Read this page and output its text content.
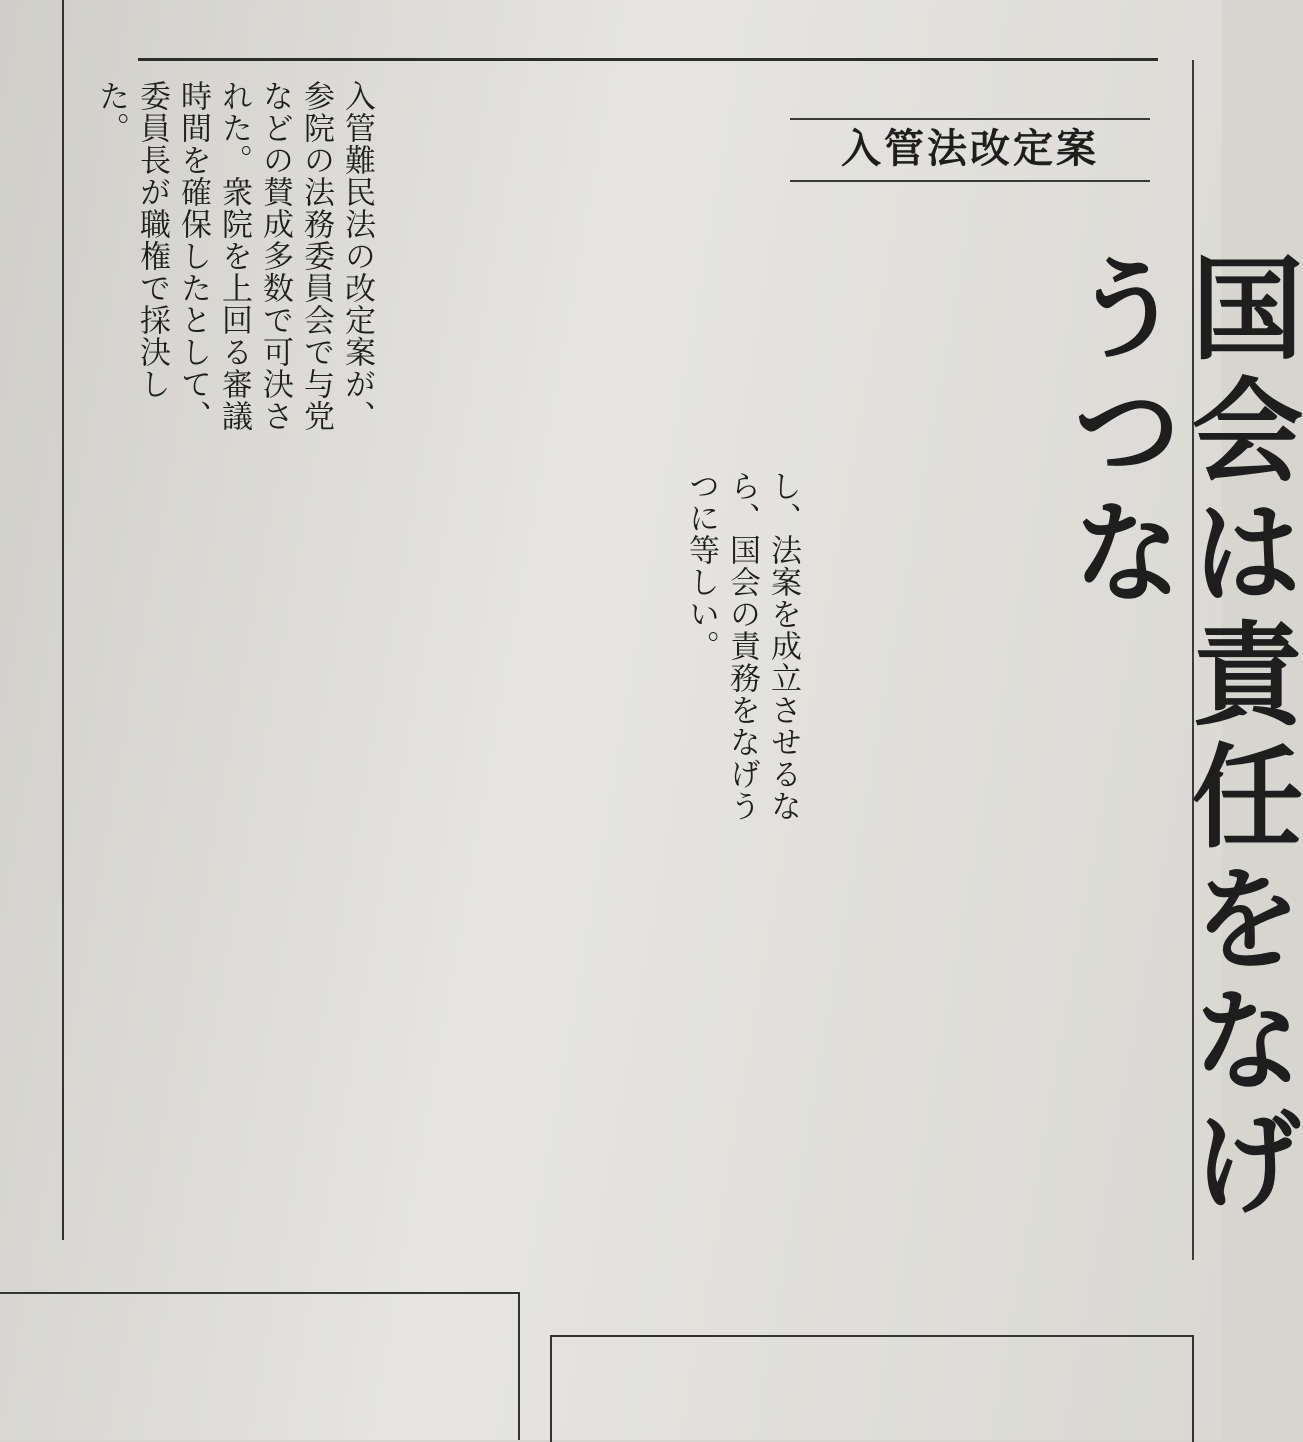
国会は責任をなげうつな
入管法改定案

し、法案を成立させるなら、国会の責務をなげうつに等しい。

入管難民法の改定案が、参院の法務委員会で与党などの賛成多数で可決された。衆院を上回る審議時間を確保したとして、委員長が職権で採決した。
